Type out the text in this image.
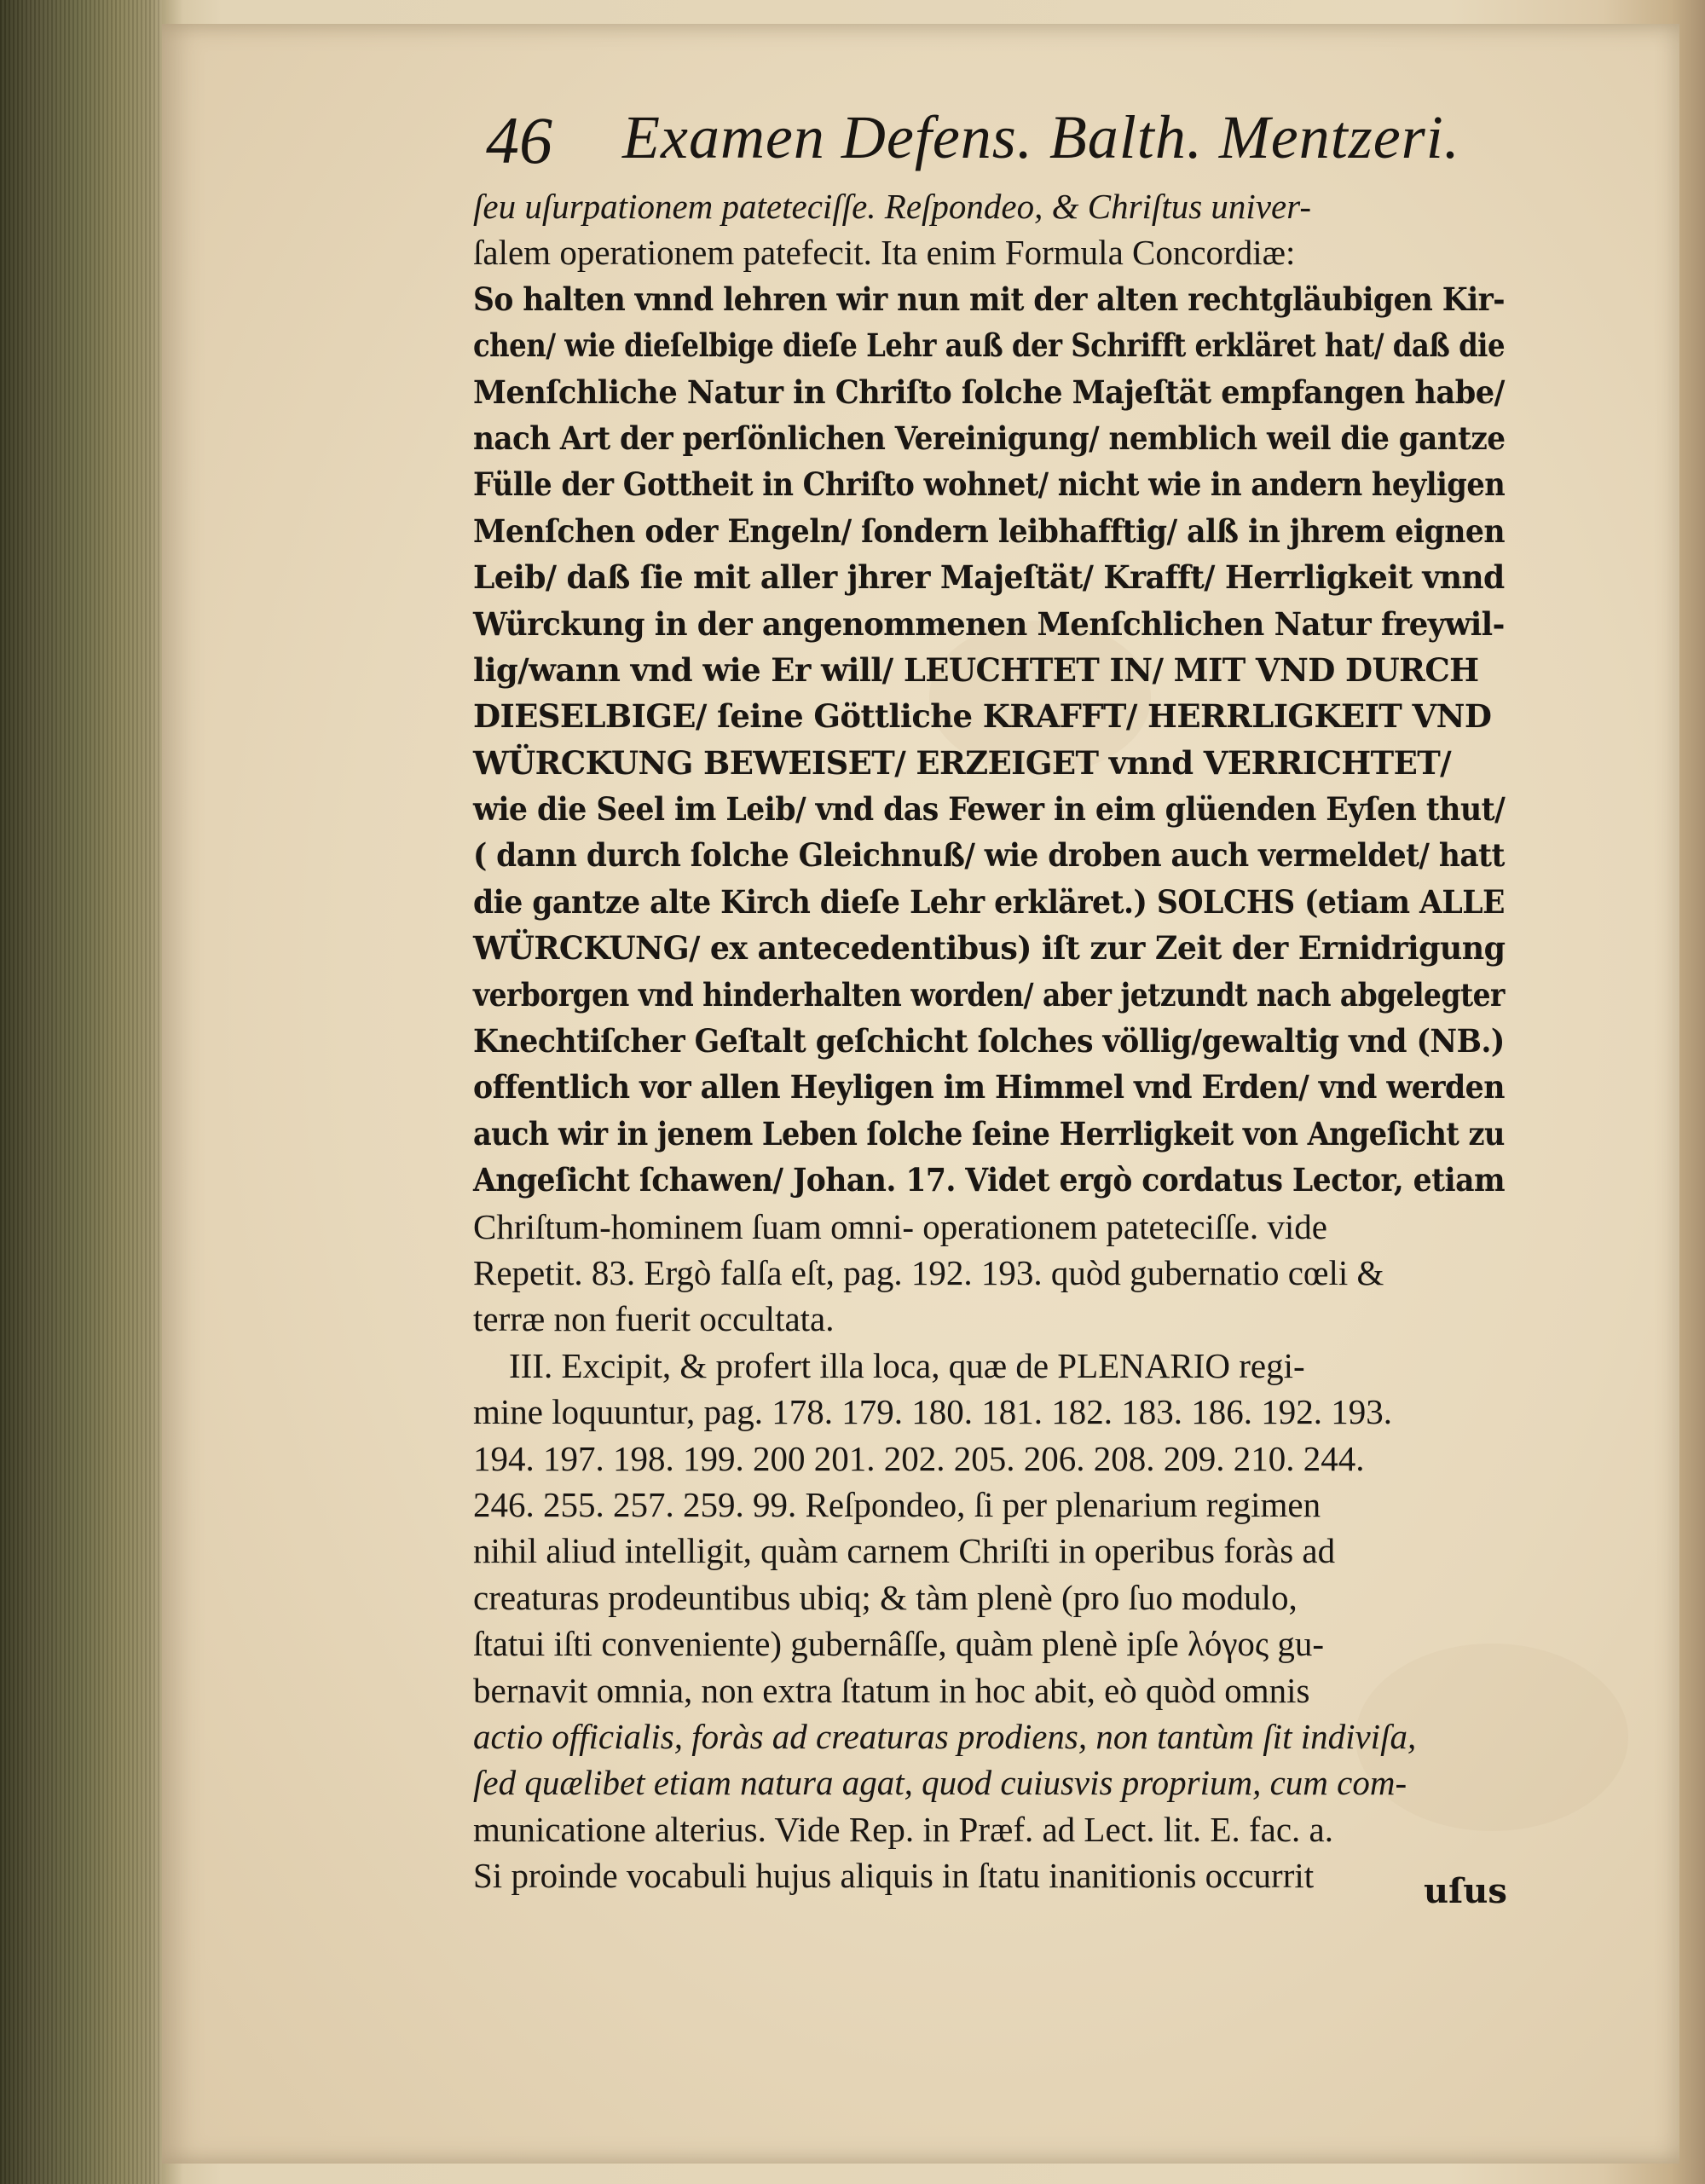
46 Examen Defens. Balth. Mentzeri.
ſeu uſurpationem pateteciſſe. Reſpondeo, & Chriſtus univer-
ſalem operationem patefecit. Ita enim Formula Concordiæ:
So halten vnnd lehren wir nun mit der alten rechtgläubigen Kir-
chen/ wie dieſelbige dieſe Lehr auß der Schrifft erkläret hat/ daß die
Menſchliche Natur in Chriſto ſolche Majeſtät empfangen habe/
nach Art der perſönlichen Vereinigung/ nemblich weil die gantze
Fülle der Gottheit in Chriſto wohnet/ nicht wie in andern heyligen
Menſchen oder Engeln/ ſondern leibhafftig/ alß in jhrem eignen
Leib/ daß ſie mit aller jhrer Majeſtät/ Krafft/ Herrligkeit vnnd
Würckung in der angenommenen Menſchlichen Natur freywil-
lig/wann vnd wie Er will/ LEUCHTET IN/ MIT VND DURCH
DIESELBIGE/ ſeine Göttliche KRAFFT/ HERRLIGKEIT VND
WÜRCKUNG BEWEISET/ ERZEIGET vnnd VERRICHTET/
wie die Seel im Leib/ vnd das Fewer in eim glüenden Eyſen thut/
( dann durch ſolche Gleichnuß/ wie droben auch vermeldet/ hatt
die gantze alte Kirch dieſe Lehr erkläret.) SOLCHS (etiam ALLE
WÜRCKUNG/ ex antecedentibus) iſt zur Zeit der Ernidrigung
verborgen vnd hinderhalten worden/ aber jetzundt nach abgelegter
Knechtiſcher Geſtalt geſchicht ſolches völlig/gewaltig vnd (NB.)
offentlich vor allen Heyligen im Himmel vnd Erden/ vnd werden
auch wir in jenem Leben ſolche ſeine Herrligkeit von Angeſicht zu
Angeſicht ſchawen/ Johan. 17. Videt ergò cordatus Lector, etiam
Chriſtum-hominem ſuam omni- operationem pateteciſſe. vide
Repetit. 83. Ergò falſa eſt, pag. 192. 193. quòd gubernatio cœli &
terræ non fuerit occultata.
III. Excipit, & profert illa loca, quæ de PLENARIO regi-
mine loquuntur, pag. 178. 179. 180. 181. 182. 183. 186. 192. 193.
194. 197. 198. 199. 200 201. 202. 205. 206. 208. 209. 210. 244.
246. 255. 257. 259. 99. Reſpondeo, ſi per plenarium regimen
nihil aliud intelligit, quàm carnem Chriſti in operibus foràs ad
creaturas prodeuntibus ubiq; & tàm plenè (pro ſuo modulo,
ſtatui iſti conveniente) gubernâſſe, quàm plenè ipſe λόγος gu-
bernavit omnia, non extra ſtatum in hoc abit, eò quòd omnis
actio officialis, foràs ad creaturas prodiens, non tantùm ſit indiviſa,
ſed quælibet etiam natura agat, quod cuiusvis proprium, cum com-
municatione alterius. Vide Rep. in Præf. ad Lect. lit. E. fac. a.
Si proinde vocabuli hujus aliquis in ſtatu inanitionis occurrit	uſus
